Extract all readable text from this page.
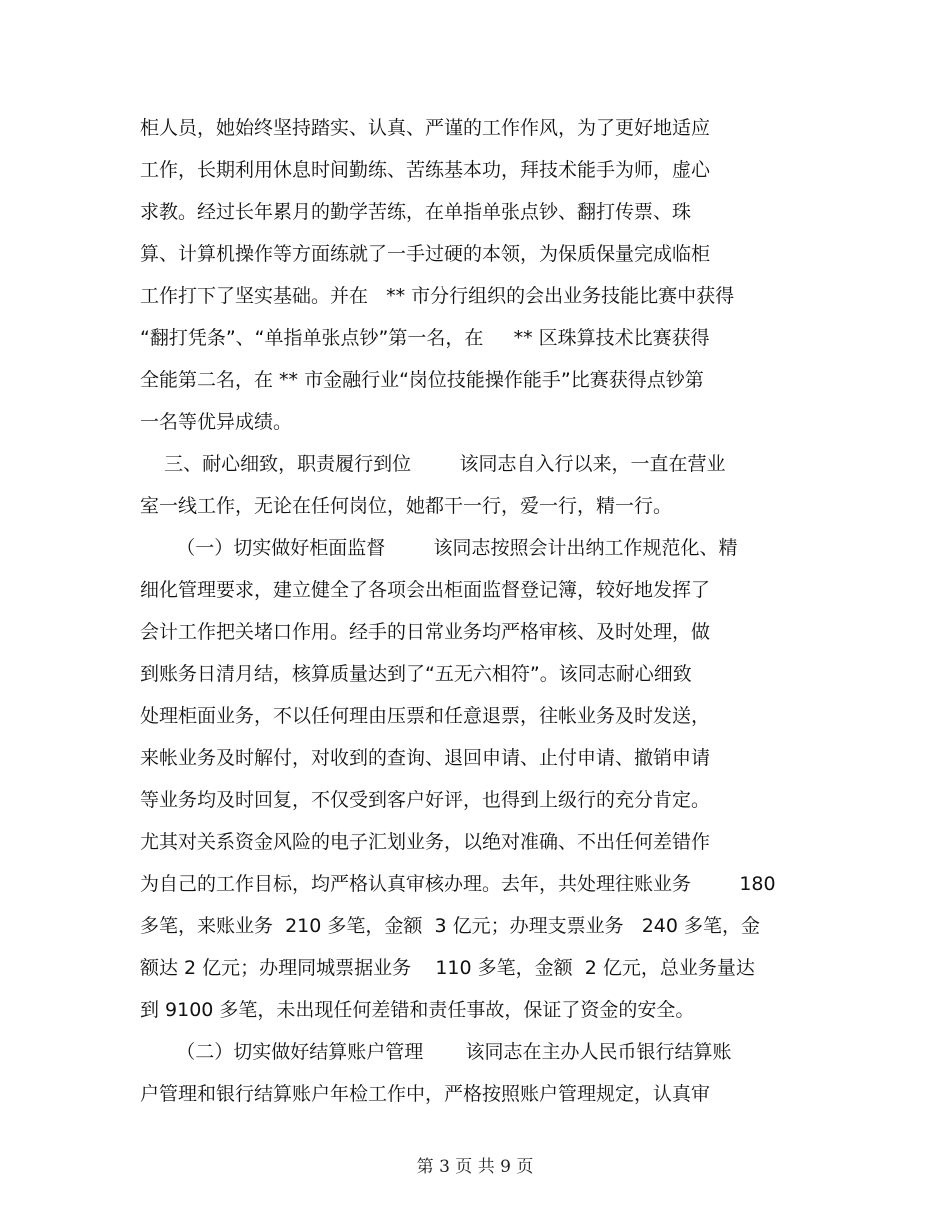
柜人员，她始终坚持踏实、认真、严谨的工作作风，为了更好地适应
工作，长期利用休息时间勤练、苦练基本功，拜技术能手为师，虚心
求教。经过长年累月的勤学苦练，在单指单张点钞、翻打传票、珠
算、计算机操作等方面练就了一手过硬的本领，为保质保量完成临柜
工作打下了坚实基础。并在   ** 市分行组织的会出业务技能比赛中获得
“翻打凭条”、“单指单张点钞”第一名，在     ** 区珠算技术比赛获得
全能第二名，在 ** 市金融行业“岗位技能操作能手”比赛获得点钞第
一名等优异成绩。
三、耐心细致，职责履行到位        该同志自入行以来，一直在营业
室一线工作，无论在任何岗位，她都干一行，爱一行，精一行。
（一）切实做好柜面监督        该同志按照会计出纳工作规范化、精
细化管理要求，建立健全了各项会出柜面监督登记簿，较好地发挥了
会计工作把关堵口作用。经手的日常业务均严格审核、及时处理，做
到账务日清月结，核算质量达到了“五无六相符”。该同志耐心细致
处理柜面业务，不以任何理由压票和任意退票，往帐业务及时发送，
来帐业务及时解付，对收到的查询、退回申请、止付申请、撤销申请
等业务均及时回复，不仅受到客户好评，也得到上级行的充分肯定。
尤其对关系资金风险的电子汇划业务，以绝对准确、不出任何差错作
为自己的工作目标，均严格认真审核办理。去年，共处理往账业务        180
多笔，来账业务  210 多笔，金额  3 亿元；办理支票业务   240 多笔，金
额达 2 亿元；办理同城票据业务    110 多笔，金额  2 亿元，总业务量达
到 9100 多笔，未出现任何差错和责任事故，保证了资金的安全。
（二）切实做好结算账户管理       该同志在主办人民币银行结算账
户管理和银行结算账户年检工作中，严格按照账户管理规定，认真审
第 3 页 共 9 页
